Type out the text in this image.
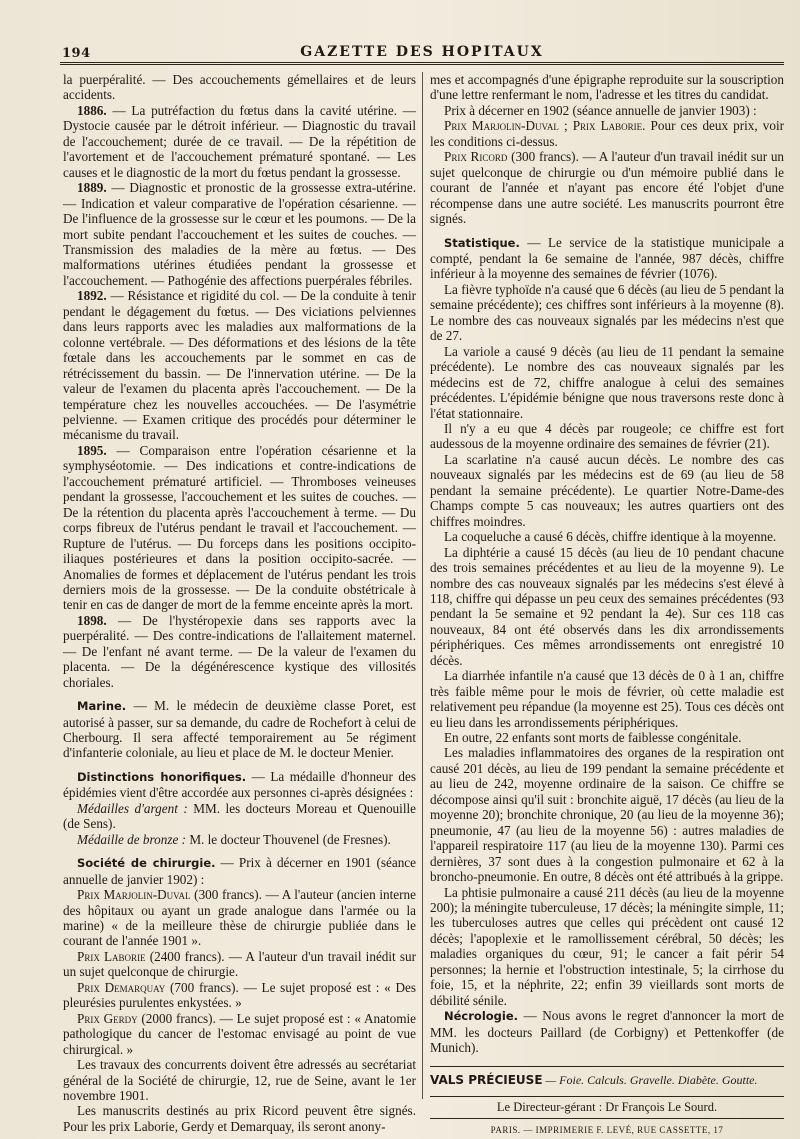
194	GAZETTE DES HOPITAUX

la puerpéralité. — Des accouchements gémellaires et de leurs accidents.

1886. — La putréfaction du fœtus dans la cavité utérine. — Dystocie causée par le détroit inférieur. — Diagnostic du travail de l'accouchement; durée de ce travail. — De la répétition de l'avortement et de l'accouchement prématuré spontané. — Les causes et le diagnostic de la mort du fœtus pendant la grossesse.

1889. — Diagnostic et pronostic de la grossesse extra-utérine. — Indication et valeur comparative de l'opération césarienne. — De l'influence de la grossesse sur le cœur et les poumons. — De la mort subite pendant l'accouchement et les suites de couches. — Transmission des maladies de la mère au fœtus. — Des malformations utérines étudiées pendant la grossesse et l'accouchement. — Pathogénie des affections puerpérales fébriles.

1892. — Résistance et rigidité du col. — De la conduite à tenir pendant le dégagement du fœtus. — Des viciations pelviennes dans leurs rapports avec les maladies aux malformations de la colonne vertébrale. — Des déformations et des lésions de la tête fœtale dans les accouchements par le sommet en cas de rétrécissement du bassin. — De l'innervation utérine. — De la valeur de l'examen du placenta après l'accouchement. — De la température chez les nouvelles accouchées. — De l'asymétrie pelvienne. — Examen critique des procédés pour déterminer le mécanisme du travail.

1895. — Comparaison entre l'opération césarienne et la symphyséotomie. — Des indications et contre-indications de l'accouchement prématuré artificiel. — Thromboses veineuses pendant la grossesse, l'accouchement et les suites de couches. — De la rétention du placenta après l'accouchement à terme. — Du corps fibreux de l'utérus pendant le travail et l'accouchement. — Rupture de l'utérus. — Du forceps dans les positions occipito-iliaques postérieures et dans la position occipito-sacrée. — Anomalies de formes et déplacement de l'utérus pendant les trois derniers mois de la grossesse. — De la conduite obstétricale à tenir en cas de danger de mort de la femme enceinte après la mort.

1898. — De l'hystéropexie dans ses rapports avec la puerpéralité. — Des contre-indications de l'allaitement maternel. — De l'enfant né avant terme. — De la valeur de l'examen du placenta. — De la dégénérescence kystique des villosités choriales.

Marine. — M. le médecin de deuxième classe Poret, est autorisé à passer, sur sa demande, du cadre de Rochefort à celui de Cherbourg. Il sera affecté temporairement au 5e régiment d'infanterie coloniale, au lieu et place de M. le docteur Menier.

Distinctions honorifiques. — La médaille d'honneur des épidémies vient d'être accordée aux personnes ci-après désignées :

Médailles d'argent : MM. les docteurs Moreau et Quenouille (de Sens).

Médaille de bronze : M. le docteur Thouvenel (de Fresnes).

Société de chirurgie. — Prix à décerner en 1901 (séance annuelle de janvier 1902) :

Prix Marjolin-Duval (300 francs). — A l'auteur (ancien interne des hôpitaux ou ayant un grade analogue dans l'armée ou la marine) « de la meilleure thèse de chirurgie publiée dans le courant de l'année 1901 ».

Prix Laborie (2400 francs). — A l'auteur d'un travail inédit sur un sujet quelconque de chirurgie.

Prix Demarquay (700 francs). — Le sujet proposé est : « Des pleurésies purulentes enkystées. »

Prix Gerdy (2000 francs). — Le sujet proposé est : « Anatomie pathologique du cancer de l'estomac envisagé au point de vue chirurgical. »

Les travaux des concurrents doivent être adressés au secrétariat général de la Société de chirurgie, 12, rue de Seine, avant le 1er novembre 1901.

Les manuscrits destinés au prix Ricord peuvent être signés. Pour les prix Laborie, Gerdy et Demarquay, ils seront anony-

mes et accompagnés d'une épigraphe reproduite sur la souscription d'une lettre renfermant le nom, l'adresse et les titres du candidat.

Prix à décerner en 1902 (séance annuelle de janvier 1903) :

Prix Marjolin-Duval ; Prix Laborie. Pour ces deux prix, voir les conditions ci-dessus.

Prix Ricord (300 francs). — A l'auteur d'un travail inédit sur un sujet quelconque de chirurgie ou d'un mémoire publié dans le courant de l'année et n'ayant pas encore été l'objet d'une récompense dans une autre société. Les manuscrits pourront être signés.

Statistique. — Le service de la statistique municipale a compté, pendant la 6e semaine de l'année, 987 décès, chiffre inférieur à la moyenne des semaines de février (1076).

La fièvre typhoïde n'a causé que 6 décès (au lieu de 5 pendant la semaine précédente); ces chiffres sont inférieurs à la moyenne (8). Le nombre des cas nouveaux signalés par les médecins n'est que de 27.

La variole a causé 9 décès (au lieu de 11 pendant la semaine précédente). Le nombre des cas nouveaux signalés par les médecins est de 72, chiffre analogue à celui des semaines précédentes. L'épidémie bénigne que nous traversons reste donc à l'état stationnaire.

Il n'y a eu que 4 décès par rougeole; ce chiffre est fort audessous de la moyenne ordinaire des semaines de février (21).

La scarlatine n'a causé aucun décès. Le nombre des cas nouveaux signalés par les médecins est de 69 (au lieu de 58 pendant la semaine précédente). Le quartier Notre-Dame-des Champs compte 5 cas nouveaux; les autres quartiers ont des chiffres moindres.

La coqueluche a causé 6 décès, chiffre identique à la moyenne.

La diphtérie a causé 15 décès (au lieu de 10 pendant chacune des trois semaines précédentes et au lieu de la moyenne 9). Le nombre des cas nouveaux signalés par les médecins s'est élevé à 118, chiffre qui dépasse un peu ceux des semaines précédentes (93 pendant la 5e semaine et 92 pendant la 4e). Sur ces 118 cas nouveaux, 84 ont été observés dans les dix arrondissements périphériques. Ces mêmes arrondissements ont enregistré 10 décès.

La diarrhée infantile n'a causé que 13 décès de 0 à 1 an, chiffre très faible même pour le mois de février, où cette maladie est relativement peu répandue (la moyenne est 25). Tous ces décès ont eu lieu dans les arrondissements périphériques.

En outre, 22 enfants sont morts de faiblesse congénitale.

Les maladies inflammatoires des organes de la respiration ont causé 201 décès, au lieu de 199 pendant la semaine précédente et au lieu de 242, moyenne ordinaire de la saison. Ce chiffre se décompose ainsi qu'il suit : bronchite aiguë, 17 décès (au lieu de la moyenne 20); bronchite chronique, 20 (au lieu de la moyenne 36); pneumonie, 47 (au lieu de la moyenne 56) : autres maladies de l'appareil respiratoire 117 (au lieu de la moyenne 130). Parmi ces dernières, 37 sont dues à la congestion pulmonaire et 62 à la broncho-pneumonie. En outre, 8 décès ont été attribués à la grippe.

La phtisie pulmonaire a causé 211 décès (au lieu de la moyenne 200); la méningite tuberculeuse, 17 décès; la méningite simple, 11; les tuberculoses autres que celles qui précèdent ont causé 12 décès; l'apoplexie et le ramollissement cérébral, 50 décès; les maladies organiques du cœur, 91; le cancer a fait périr 54 personnes; la hernie et l'obstruction intestinale, 5; la cirrhose du foie, 15, et la néphrite, 22; enfin 39 vieillards sont morts de débilité sénile.

Nécrologie. — Nous avons le regret d'annoncer la mort de MM. les docteurs Paillard (de Corbigny) et Pettenkoffer (de Munich).

VALS PRÉCIEUSE — Foie. Calculs. Gravelle. Diabète. Goutte.

Le Directeur-gérant : Dr François Le Sourd.

PARIS. — IMPRIMERIE F. LEVÉ, RUE CASSETTE, 17
